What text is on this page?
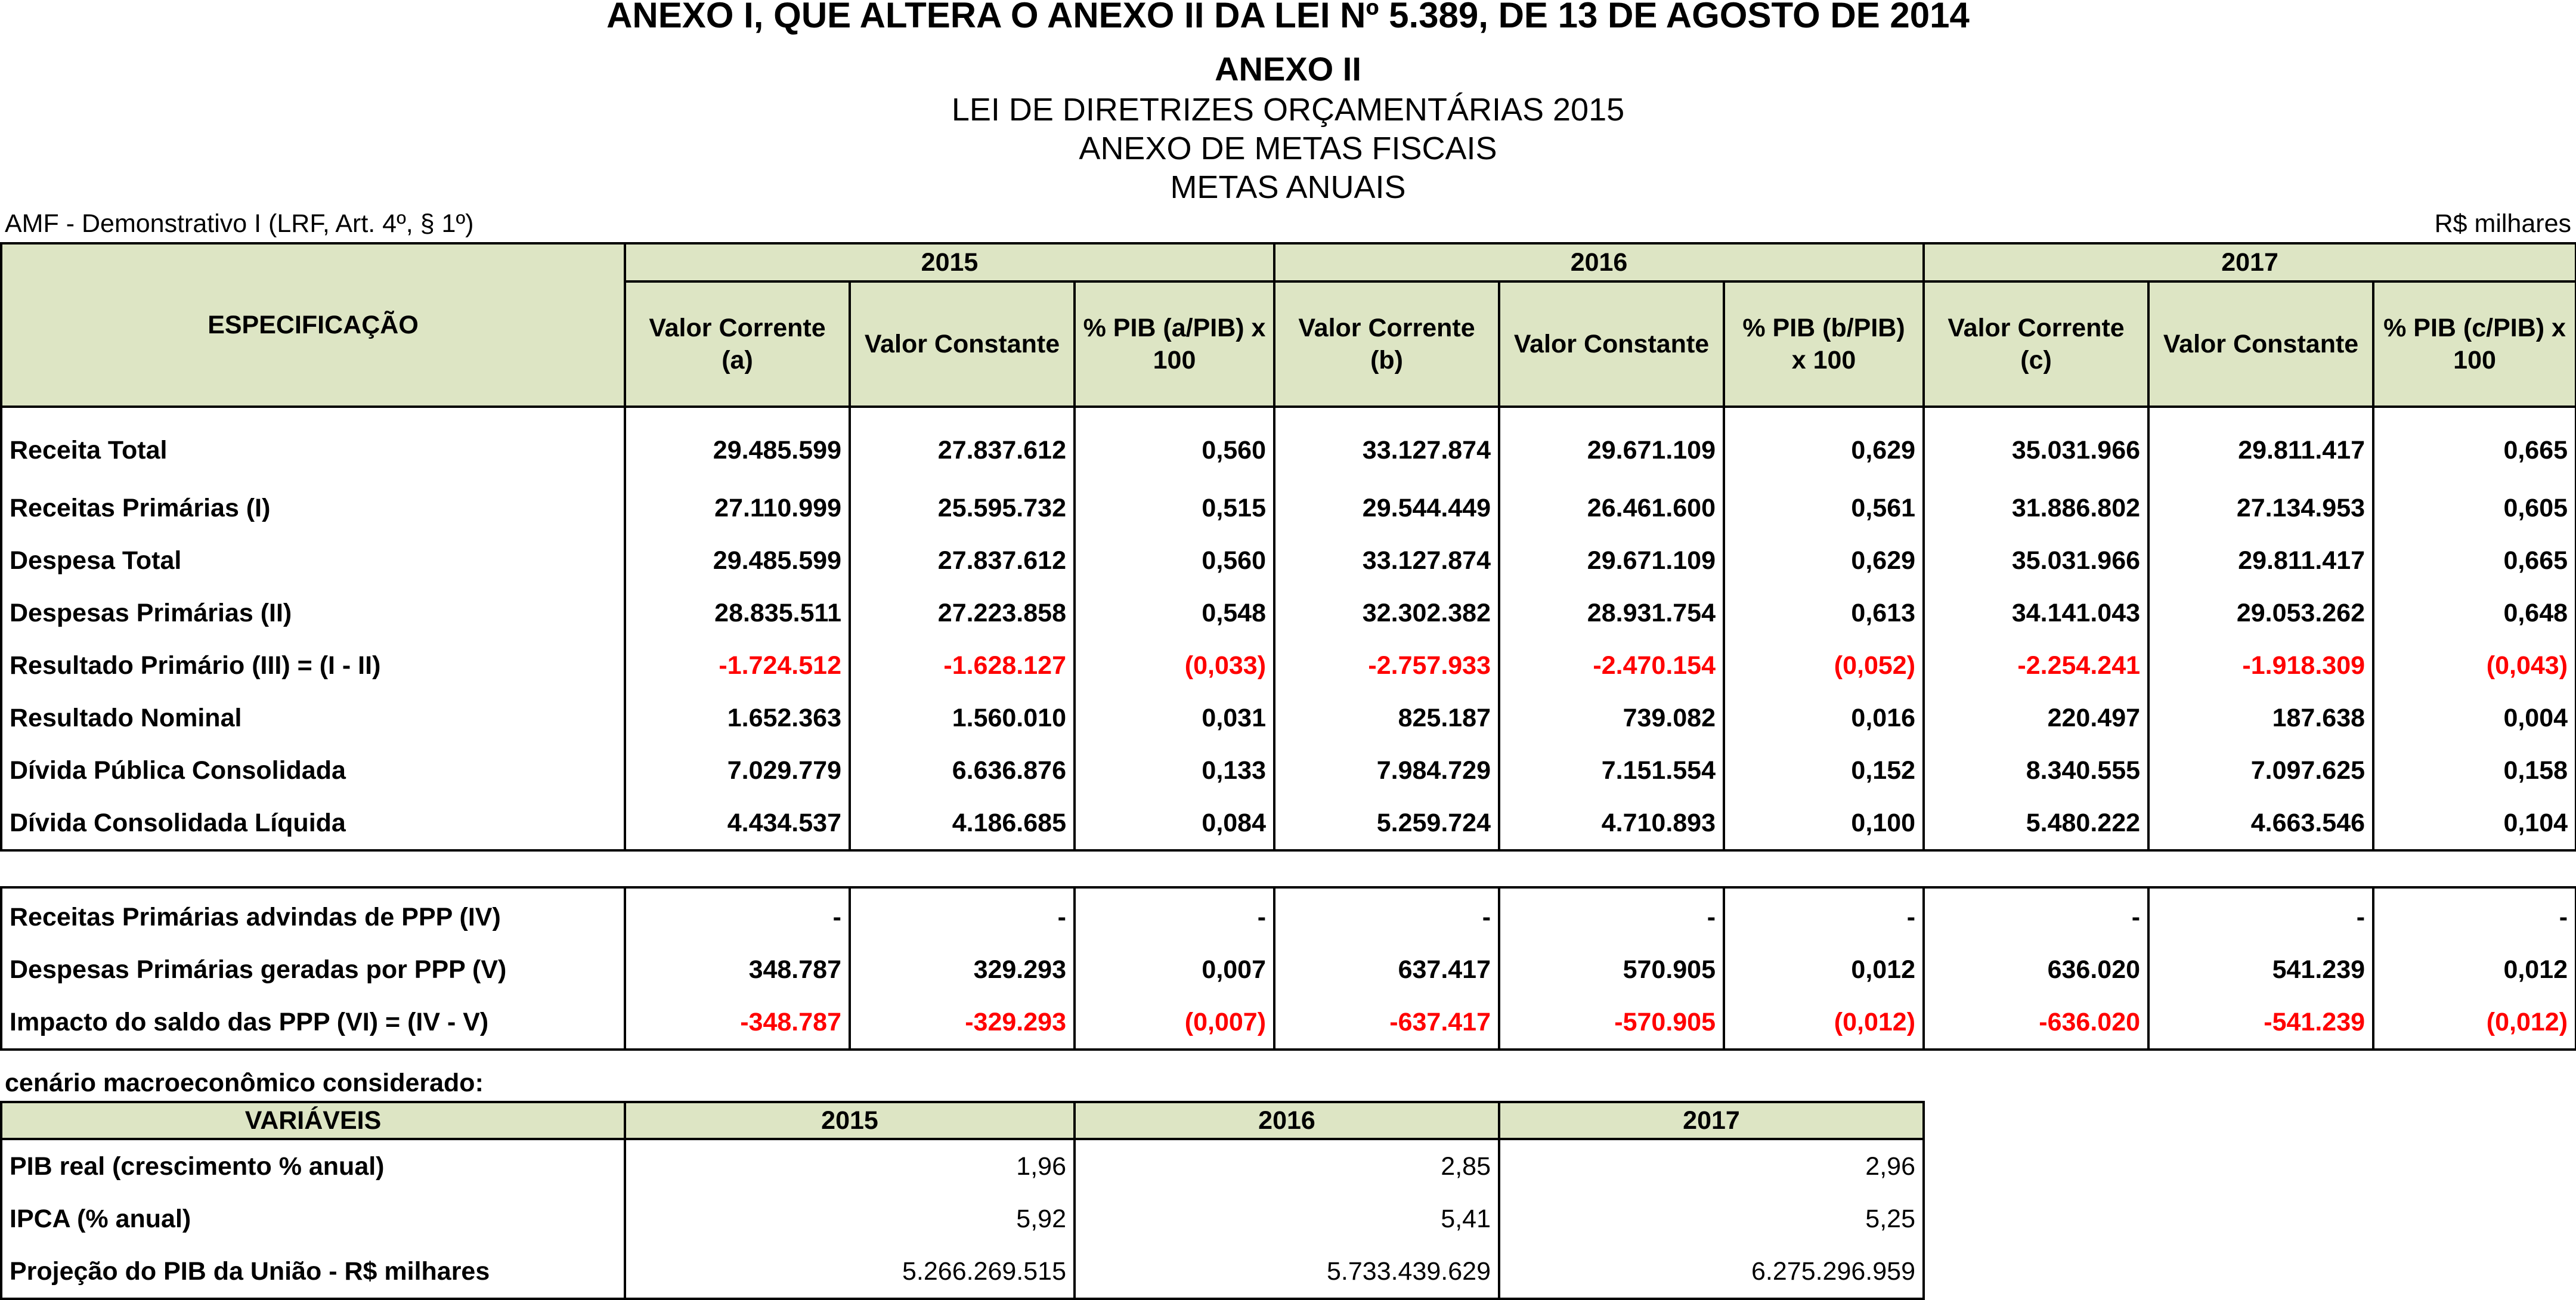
ANEXO I, QUE ALTERA O ANEXO II DA LEI Nº 5.389, DE 13 DE AGOSTO DE 2014
ANEXO II
LEI DE DIRETRIZES ORÇAMENTÁRIAS 2015
ANEXO DE METAS FISCAIS
METAS ANUAIS
AMF - Demonstrativo I (LRF, Art. 4º, § 1º)	R$ milhares
ESPECIFICAÇÃO	2015			2016			2017		
	Valor Corrente (a)	Valor Constante	% PIB (a/PIB) x 100	Valor Corrente (b)	Valor Constante	% PIB (b/PIB) x 100	Valor Corrente (c)	Valor Constante	% PIB (c/PIB) x 100
Receita Total	29.485.599	27.837.612	0,560	33.127.874	29.671.109	0,629	35.031.966	29.811.417	0,665
Receitas Primárias (I)	27.110.999	25.595.732	0,515	29.544.449	26.461.600	0,561	31.886.802	27.134.953	0,605
Despesa Total	29.485.599	27.837.612	0,560	33.127.874	29.671.109	0,629	35.031.966	29.811.417	0,665
Despesas Primárias (II)	28.835.511	27.223.858	0,548	32.302.382	28.931.754	0,613	34.141.043	29.053.262	0,648
Resultado Primário (III) = (I - II)	-1.724.512	-1.628.127	(0,033)	-2.757.933	-2.470.154	(0,052)	-2.254.241	-1.918.309	(0,043)
Resultado Nominal	1.652.363	1.560.010	0,031	825.187	739.082	0,016	220.497	187.638	0,004
Dívida Pública Consolidada	7.029.779	6.636.876	0,133	7.984.729	7.151.554	0,152	8.340.555	7.097.625	0,158
Dívida Consolidada Líquida	4.434.537	4.186.685	0,084	5.259.724	4.710.893	0,100	5.480.222	4.663.546	0,104

Receitas Primárias advindas de PPP (IV)	-	-	-	-	-	-	-	-	-
Despesas Primárias geradas por PPP (V)	348.787	329.293	0,007	637.417	570.905	0,012	636.020	541.239	0,012
Impacto do saldo das PPP (VI) = (IV - V)	-348.787	-329.293	(0,007)	-637.417	-570.905	(0,012)	-636.020	-541.239	(0,012)
cenário macroeconômico considerado:
VARIÁVEIS	2015	2016	2017
PIB real (crescimento % anual)	1,96	2,85	2,96
IPCA (% anual)	5,92	5,41	5,25
Projeção do PIB da União - R$ milhares	5.266.269.515	5.733.439.629	6.275.296.959
